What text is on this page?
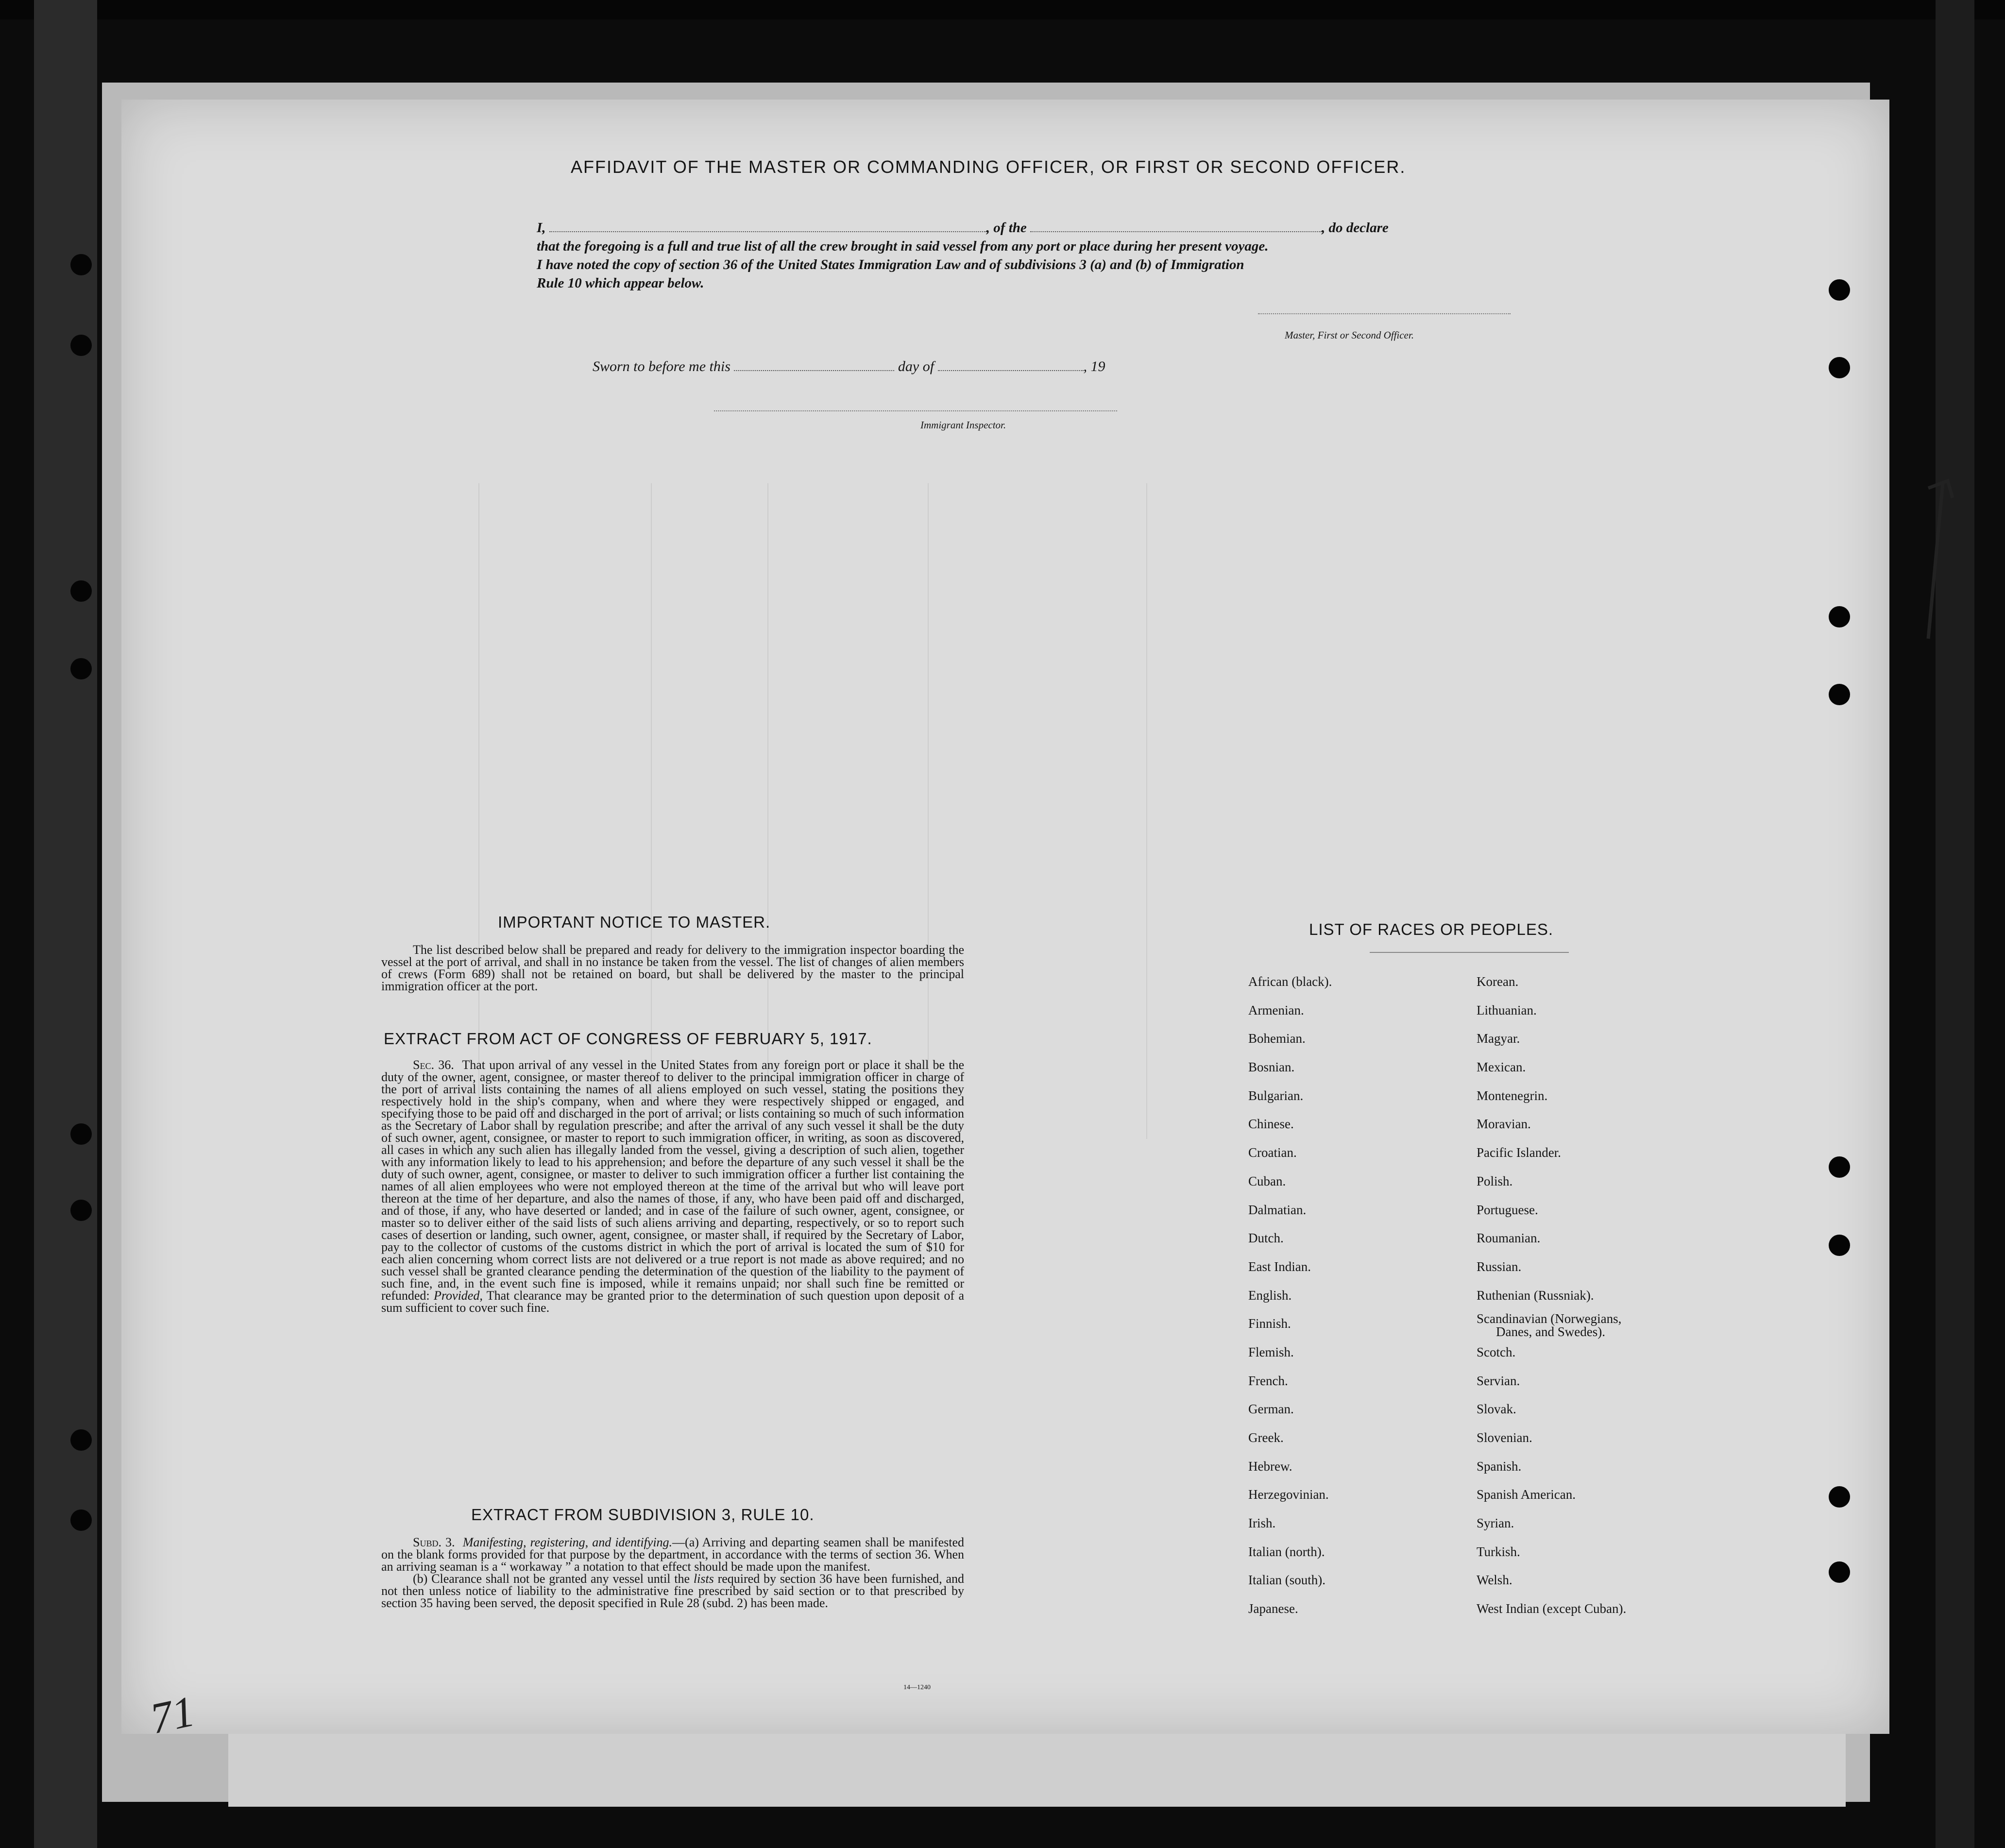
AFFIDAVIT OF THE MASTER OR COMMANDING OFFICER, OR FIRST OR SECOND OFFICER.
I,	, of the	, do declare
that the foregoing is a full and true list of all the crew brought in said vessel from any port or place during her present voyage.
I have noted the copy of section 36 of the United States Immigration Law and of subdivisions 3 (a) and (b) of Immigration
Rule 10 which appear below.
Master, First or Second Officer.
Sworn to before me this	day of	, 19
Immigrant Inspector.
IMPORTANT NOTICE TO MASTER.

The list described below shall be prepared and ready for delivery to the immigration inspector boarding the vessel at the port of arrival, and shall in no instance be taken from the vessel. The list of changes of alien members of crews (Form 689) shall not be retained on board, but shall be delivered by the master to the principal immigration officer at the port.

EXTRACT FROM ACT OF CONGRESS OF FEBRUARY 5, 1917.

Sec. 36. That upon arrival of any vessel in the United States from any foreign port or place it shall be the duty of the owner, agent, consignee, or master thereof to deliver to the principal immigration officer in charge of the port of arrival lists containing the names of all aliens employed on such vessel, stating the positions they respectively hold in the ship's company, when and where they were respectively shipped or engaged, and specifying those to be paid off and discharged in the port of arrival; or lists containing so much of such information as the Secretary of Labor shall by regulation prescribe; and after the arrival of any such vessel it shall be the duty of such owner, agent, consignee, or master to report to such immigration officer, in writing, as soon as discovered, all cases in which any such alien has illegally landed from the vessel, giving a description of such alien, together with any information likely to lead to his apprehension; and before the departure of any such vessel it shall be the duty of such owner, agent, consignee, or master to deliver to such immigration officer a further list containing the names of all alien employees who were not employed thereon at the time of the arrival but who will leave port thereon at the time of her departure, and also the names of those, if any, who have been paid off and discharged, and of those, if any, who have deserted or landed; and in case of the failure of such owner, agent, consignee, or master so to deliver either of the said lists of such aliens arriving and departing, respectively, or so to report such cases of desertion or landing, such owner, agent, consignee, or master shall, if required by the Secretary of Labor, pay to the collector of customs of the customs district in which the port of arrival is located the sum of $10 for each alien concerning whom correct lists are not delivered or a true report is not made as above required; and no such vessel shall be granted clearance pending the determination of the question of the liability to the payment of such fine, and, in the event such fine is imposed, while it remains unpaid; nor shall such fine be remitted or refunded: Provided, That clearance may be granted prior to the determination of such question upon deposit of a sum sufficient to cover such fine.

EXTRACT FROM SUBDIVISION 3, RULE 10.

Subd. 3. Manifesting, registering, and identifying.—(a) Arriving and departing seamen shall be manifested on the blank forms provided for that purpose by the department, in accordance with the terms of section 36. When an arriving seaman is a “ workaway ” a notation to that effect should be made upon the manifest.

(b) Clearance shall not be granted any vessel until the lists required by section 36 have been furnished, and not then unless notice of liability to the administrative fine prescribed by said section or to that prescribed by section 35 having been served, the deposit specified in Rule 28 (subd. 2) has been made.

14—1240
LIST OF RACES OR PEOPLES.
African (black).
Armenian.
Bohemian.
Bosnian.
Bulgarian.
Chinese.
Croatian.
Cuban.
Dalmatian.
Dutch.
East Indian.
English.
Finnish.
Flemish.
French.
German.
Greek.
Hebrew.
Herzegovinian.
Irish.
Italian (north).
Italian (south).
Japanese.
Korean.
Lithuanian.
Magyar.
Mexican.
Montenegrin.
Moravian.
Pacific Islander.
Polish.
Portuguese.
Roumanian.
Russian.
Ruthenian (Russniak).
Scandinavian (Norwegians,
Danes, and Swedes).
Scotch.
Servian.
Slovak.
Slovenian.
Spanish.
Spanish American.
Syrian.
Turkish.
Welsh.
West Indian (except Cuban).
71
